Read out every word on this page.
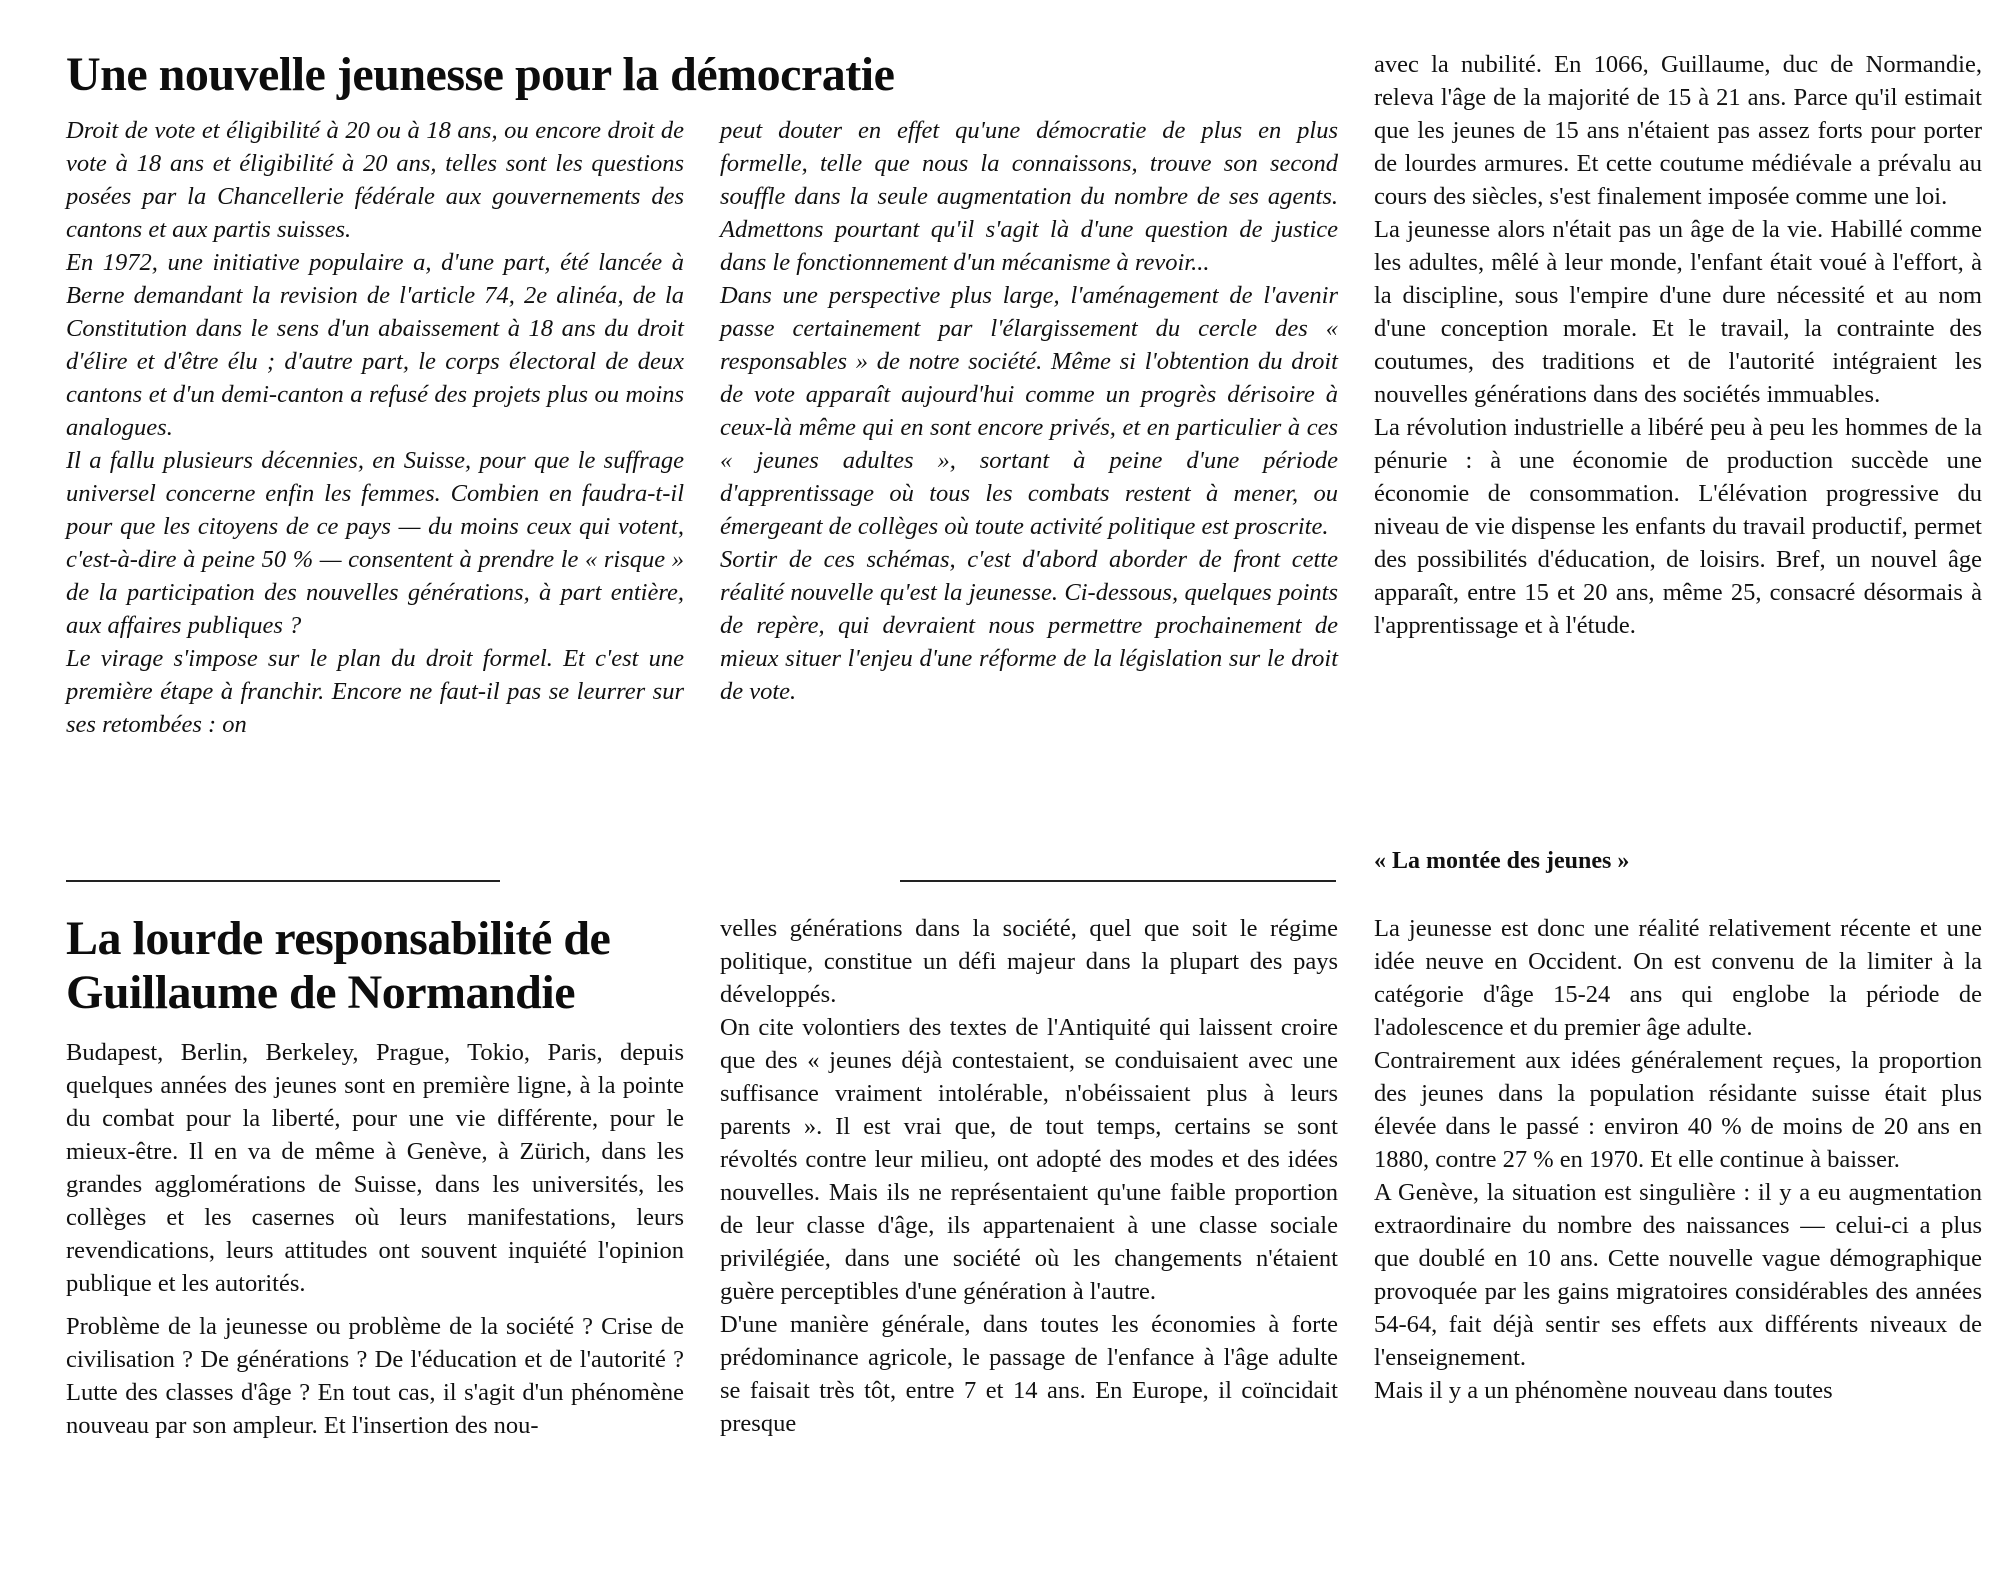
Une nouvelle jeunesse pour la démocratie

Droit de vote et éligibilité à 20 ou à 18 ans, ou encore droit de vote à 18 ans et éligibilité à 20 ans, telles sont les questions posées par la Chancellerie fédérale aux gouvernements des cantons et aux partis suisses.

En 1972, une initiative populaire a, d'une part, été lancée à Berne demandant la revision de l'article 74, 2e alinéa, de la Constitution dans le sens d'un abaissement à 18 ans du droit d'élire et d'être élu ; d'autre part, le corps électoral de deux cantons et d'un demi-canton a refusé des projets plus ou moins analogues.

Il a fallu plusieurs décennies, en Suisse, pour que le suffrage universel concerne enfin les femmes. Combien en faudra-t-il pour que les citoyens de ce pays — du moins ceux qui votent, c'est-à-dire à peine 50 % — consentent à prendre le « risque » de la participation des nouvelles générations, à part entière, aux affaires publiques ?

Le virage s'impose sur le plan du droit formel. Et c'est une première étape à franchir. Encore ne faut-il pas se leurrer sur ses retombées : on

peut douter en effet qu'une démocratie de plus en plus formelle, telle que nous la connaissons, trouve son second souffle dans la seule augmentation du nombre de ses agents. Admettons pourtant qu'il s'agit là d'une question de justice dans le fonctionnement d'un mécanisme à revoir...

Dans une perspective plus large, l'aménagement de l'avenir passe certainement par l'élargissement du cercle des « responsables » de notre société. Même si l'obtention du droit de vote apparaît aujourd'hui comme un progrès dérisoire à ceux-là même qui en sont encore privés, et en particulier à ces « jeunes adultes », sortant à peine d'une période d'apprentissage où tous les combats restent à mener, ou émergeant de collèges où toute activité politique est proscrite.

Sortir de ces schémas, c'est d'abord aborder de front cette réalité nouvelle qu'est la jeunesse. Ci-dessous, quelques points de repère, qui devraient nous permettre prochainement de mieux situer l'enjeu d'une réforme de la législation sur le droit de vote.

avec la nubilité. En 1066, Guillaume, duc de Normandie, releva l'âge de la majorité de 15 à 21 ans. Parce qu'il estimait que les jeunes de 15 ans n'étaient pas assez forts pour porter de lourdes armures. Et cette coutume médiévale a prévalu au cours des siècles, s'est finalement imposée comme une loi.

La jeunesse alors n'était pas un âge de la vie. Habillé comme les adultes, mêlé à leur monde, l'enfant était voué à l'effort, à la discipline, sous l'empire d'une dure nécessité et au nom d'une conception morale. Et le travail, la contrainte des coutumes, des traditions et de l'autorité intégraient les nouvelles générations dans des sociétés immuables.

La révolution industrielle a libéré peu à peu les hommes de la pénurie : à une économie de production succède une économie de consommation. L'élévation progressive du niveau de vie dispense les enfants du travail productif, permet des possibilités d'éducation, de loisirs. Bref, un nouvel âge apparaît, entre 15 et 20 ans, même 25, consacré désormais à l'apprentissage et à l'étude.

« La montée des jeunes »
La lourde responsabilité de
Guillaume de Normandie

Budapest, Berlin, Berkeley, Prague, Tokio, Paris, depuis quelques années des jeunes sont en première ligne, à la pointe du combat pour la liberté, pour une vie différente, pour le mieux-être. Il en va de même à Genève, à Zürich, dans les grandes agglomérations de Suisse, dans les universités, les collèges et les casernes où leurs manifestations, leurs revendications, leurs attitudes ont souvent inquiété l'opinion publique et les autorités.

Problème de la jeunesse ou problème de la société ? Crise de civilisation ? De générations ? De l'éducation et de l'autorité ? Lutte des classes d'âge ? En tout cas, il s'agit d'un phénomène nouveau par son ampleur. Et l'insertion des nou-

velles générations dans la société, quel que soit le régime politique, constitue un défi majeur dans la plupart des pays développés.

On cite volontiers des textes de l'Antiquité qui laissent croire que des « jeunes déjà contestaient, se conduisaient avec une suffisance vraiment intolérable, n'obéissaient plus à leurs parents ». Il est vrai que, de tout temps, certains se sont révoltés contre leur milieu, ont adopté des modes et des idées nouvelles. Mais ils ne représentaient qu'une faible proportion de leur classe d'âge, ils appartenaient à une classe sociale privilégiée, dans une société où les changements n'étaient guère perceptibles d'une génération à l'autre.

D'une manière générale, dans toutes les économies à forte prédominance agricole, le passage de l'enfance à l'âge adulte se faisait très tôt, entre 7 et 14 ans. En Europe, il coïncidait presque

La jeunesse est donc une réalité relativement récente et une idée neuve en Occident. On est convenu de la limiter à la catégorie d'âge 15-24 ans qui englobe la période de l'adolescence et du premier âge adulte.

Contrairement aux idées généralement reçues, la proportion des jeunes dans la population résidante suisse était plus élevée dans le passé : environ 40 % de moins de 20 ans en 1880, contre 27 % en 1970. Et elle continue à baisser.

A Genève, la situation est singulière : il y a eu augmentation extraordinaire du nombre des naissances — celui-ci a plus que doublé en 10 ans. Cette nouvelle vague démographique provoquée par les gains migratoires considérables des années 54-64, fait déjà sentir ses effets aux différents niveaux de l'enseignement.

Mais il y a un phénomène nouveau dans toutes
